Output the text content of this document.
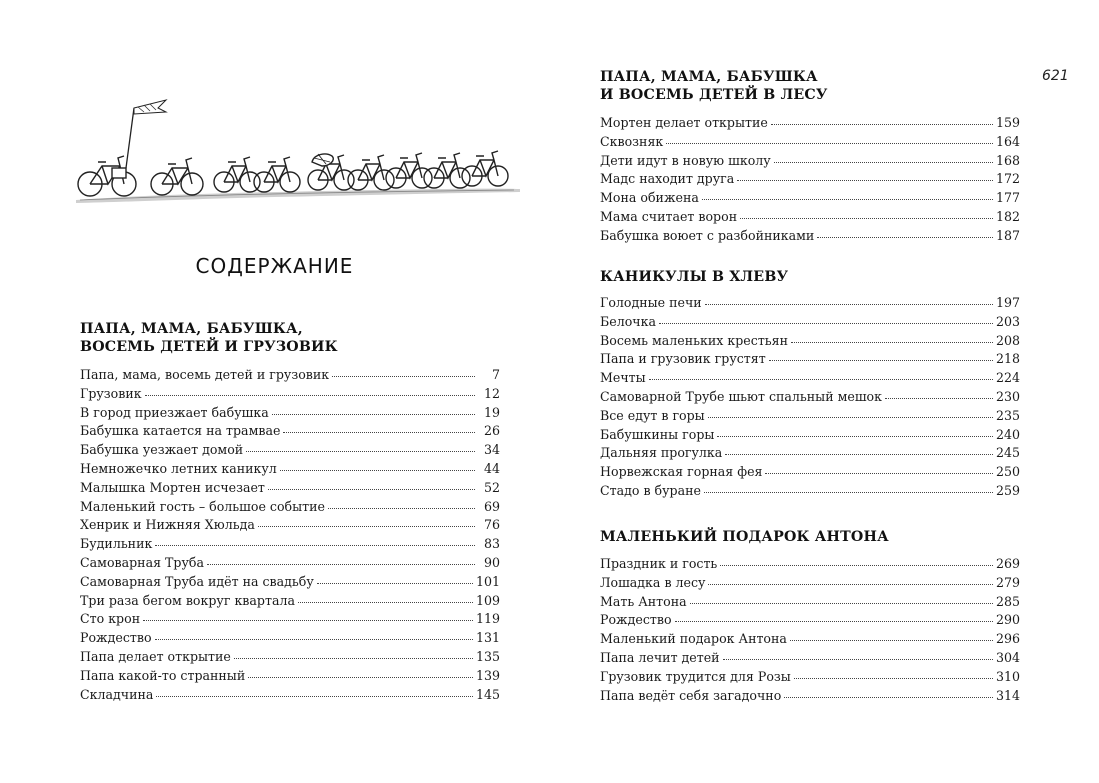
621
СОДЕРЖАНИЕ
ПАПА, МАМА, БАБУШКА,
ВОСЕМЬ ДЕТЕЙ И ГРУЗОВИК
Папа, мама, восемь детей и грузовик	7
Грузовик	12
В город приезжает бабушка	19
Бабушка катается на трамвае	26
Бабушка уезжает домой	34
Немножечко летних каникул	44
Малышка Мортен исчезает	52
Маленький гость – большое событие	69
Хенрик и Нижняя Хюльда	76
Будильник	83
Самоварная Труба	90
Самоварная Труба идёт на свадьбу	101
Три раза бегом вокруг квартала	109
Сто крон	119
Рождество	131
Папа делает открытие	135
Папа какой-то странный	139
Складчина	145
ПАПА, МАМА, БАБУШКА
И ВОСЕМЬ ДЕТЕЙ В ЛЕСУ
Мортен делает открытие	159
Сквозняк	164
Дети идут в новую школу	168
Мадс находит друга	172
Мона обижена	177
Мама считает ворон	182
Бабушка воюет с разбойниками	187
КАНИКУЛЫ В ХЛЕВУ
Голодные печи	197
Белочка	203
Восемь маленьких крестьян	208
Папа и грузовик грустят	218
Мечты	224
Самоварной Трубе шьют спальный мешок	230
Все едут в горы	235
Бабушкины горы	240
Дальняя прогулка	245
Норвежская горная фея	250
Стадо в буране	259
МАЛЕНЬКИЙ ПОДАРОК АНТОНА
Праздник и гость	269
Лошадка в лесу	279
Мать Антона	285
Рождество	290
Маленький подарок Антона	296
Папа лечит детей	304
Грузовик трудится для Розы	310
Папа ведёт себя загадочно	314
